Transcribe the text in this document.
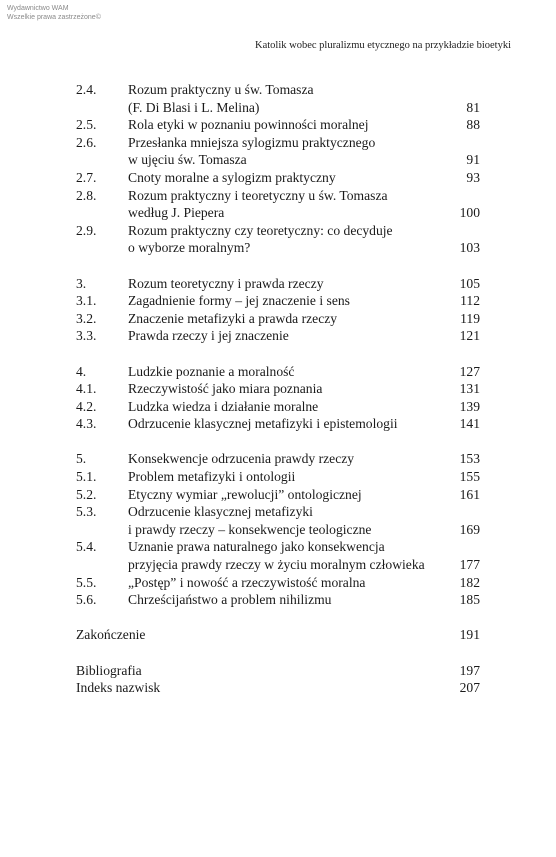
Wydawnictwo WAM
Wszelkie prawa zastrzeżone©
Katolik wobec pluralizmu etycznego na przykładzie bioetyki
2.4. Rozum praktyczny u św. Tomasza
(F. Di Blasi i L. Melina)	81
2.5. Rola etyki w poznaniu powinności moralnej	88
2.6. Przesłanka mniejsza sylogizmu praktycznego
w ujęciu św. Tomasza	91
2.7. Cnoty moralne a sylogizm praktyczny	93
2.8. Rozum praktyczny i teoretyczny u św. Tomasza
według J. Piepera	100
2.9. Rozum praktyczny czy teoretyczny: co decyduje
o wyborze moralnym?	103
3.	Rozum teoretyczny i prawda rzeczy	105
3.1. Zagadnienie formy – jej znaczenie i sens	112
3.2. Znaczenie metafizyki a prawda rzeczy	119
3.3. Prawda rzeczy i jej znaczenie	121
4.	Ludzkie poznanie a moralność	127
4.1. Rzeczywistość jako miara poznania	131
4.2. Ludzka wiedza i działanie moralne	139
4.3. Odrzucenie klasycznej metafizyki i epistemologii	141
5.	Konsekwencje odrzucenia prawdy rzeczy	153
5.1. Problem metafizyki i ontologii	155
5.2. Etyczny wymiar „rewolucji” ontologicznej	161
5.3. Odrzucenie klasycznej metafizyki
i prawdy rzeczy – konsekwencje teologiczne	169
5.4. Uznanie prawa naturalnego jako konsekwencja
przyjęcia prawdy rzeczy w życiu moralnym człowieka	177
5.5. „Postęp” i nowość a rzeczywistość moralna	182
5.6. Chrześcijaństwo a problem nihilizmu	185
Zakończenie	191
Bibliografia	197
Indeks nazwisk	207
